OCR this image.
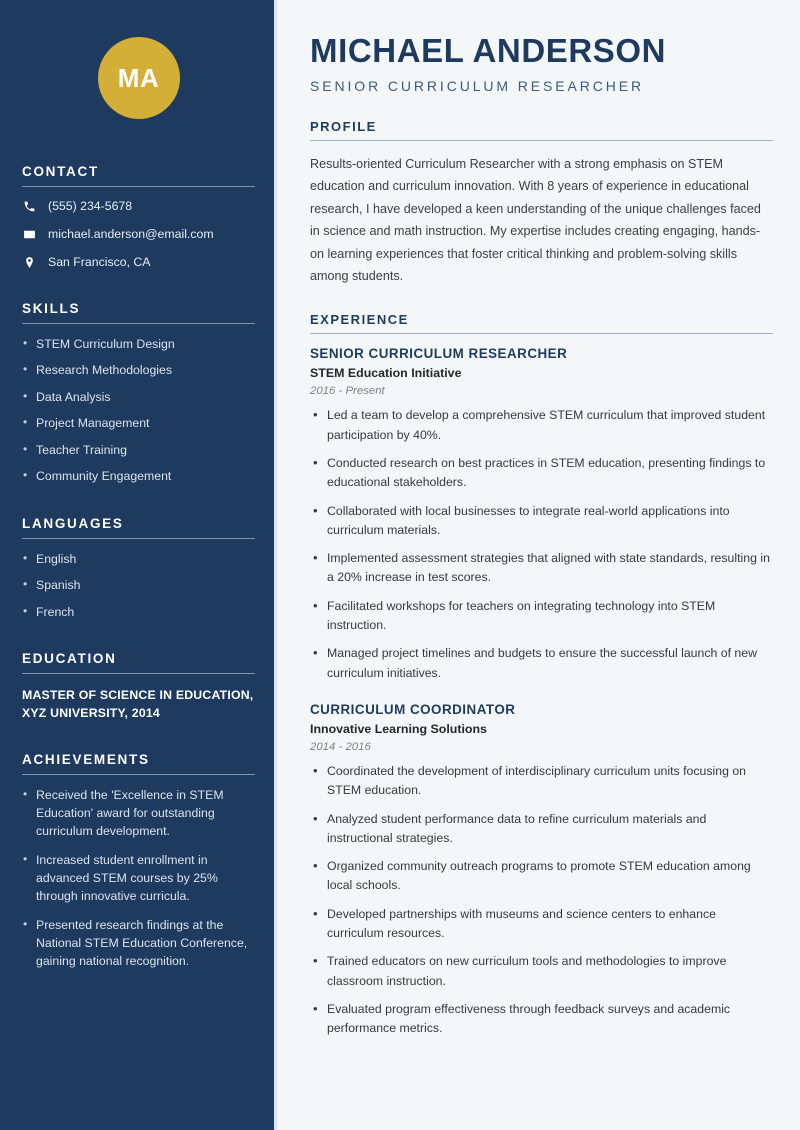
MA
CONTACT
(555) 234-5678
michael.anderson@email.com
San Francisco, CA
SKILLS
• STEM Curriculum Design
• Research Methodologies
• Data Analysis
• Project Management
• Teacher Training
• Community Engagement
LANGUAGES
• English
• Spanish
• French
EDUCATION
MASTER OF SCIENCE IN EDUCATION, XYZ UNIVERSITY, 2014
ACHIEVEMENTS
• Received the 'Excellence in STEM Education' award for outstanding curriculum development.
• Increased student enrollment in advanced STEM courses by 25% through innovative curricula.
• Presented research findings at the National STEM Education Conference, gaining national recognition.
MICHAEL ANDERSON
SENIOR CURRICULUM RESEARCHER
PROFILE

Results-oriented Curriculum Researcher with a strong emphasis on STEM education and curriculum innovation. With 8 years of experience in educational research, I have developed a keen understanding of the unique challenges faced in science and math instruction. My expertise includes creating engaging, hands-on learning experiences that foster critical thinking and problem-solving skills among students.

EXPERIENCE
SENIOR CURRICULUM RESEARCHER
STEM Education Initiative
2016 - Present
• Led a team to develop a comprehensive STEM curriculum that improved student participation by 40%.
• Conducted research on best practices in STEM education, presenting findings to educational stakeholders.
• Collaborated with local businesses to integrate real-world applications into curriculum materials.
• Implemented assessment strategies that aligned with state standards, resulting in a 20% increase in test scores.
• Facilitated workshops for teachers on integrating technology into STEM instruction.
• Managed project timelines and budgets to ensure the successful launch of new curriculum initiatives.
CURRICULUM COORDINATOR
Innovative Learning Solutions
2014 - 2016
• Coordinated the development of interdisciplinary curriculum units focusing on STEM education.
• Analyzed student performance data to refine curriculum materials and instructional strategies.
• Organized community outreach programs to promote STEM education among local schools.
• Developed partnerships with museums and science centers to enhance curriculum resources.
• Trained educators on new curriculum tools and methodologies to improve classroom instruction.
• Evaluated program effectiveness through feedback surveys and academic performance metrics.
